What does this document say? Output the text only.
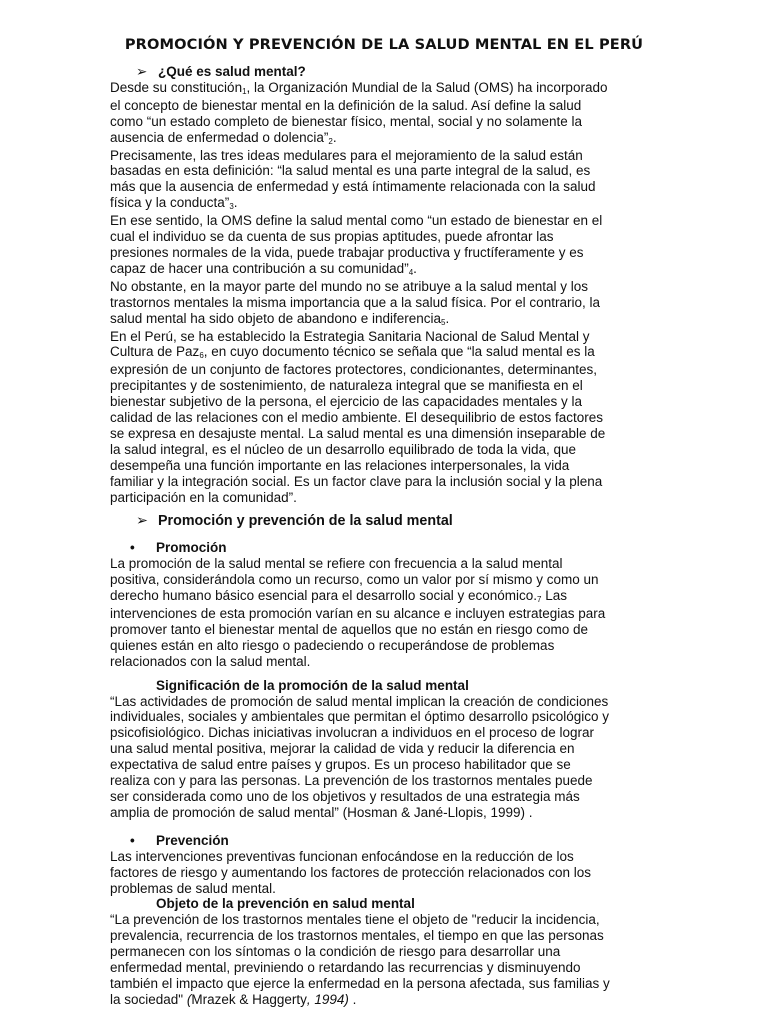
PROMOCIÓN Y PREVENCIÓN DE LA SALUD MENTAL EN EL PERÚ
➢ ¿Qué es salud mental?

Desde su constitución1, la Organización Mundial de la Salud (OMS) ha incorporado el concepto de bienestar mental en la definición de la salud. Así define la salud como “un estado completo de bienestar físico, mental, social y no solamente la ausencia de enfermedad o dolencia”2.

Precisamente, las tres ideas medulares para el mejoramiento de la salud están basadas en esta definición: “la salud mental es una parte integral de la salud, es más que la ausencia de enfermedad y está íntimamente relacionada con la salud física y la conducta”3.

En ese sentido, la OMS define la salud mental como “un estado de bienestar en el cual el individuo se da cuenta de sus propias aptitudes, puede afrontar las presiones normales de la vida, puede trabajar productiva y fructíferamente y es capaz de hacer una contribución a su comunidad”4.

No obstante, en la mayor parte del mundo no se atribuye a la salud mental y los trastornos mentales la misma importancia que a la salud física. Por el contrario, la salud mental ha sido objeto de abandono e indiferencia5.

En el Perú, se ha establecido la Estrategia Sanitaria Nacional de Salud Mental y Cultura de Paz6, en cuyo documento técnico se señala que “la salud mental es la expresión de un conjunto de factores protectores, condicionantes, determinantes, precipitantes y de sostenimiento, de naturaleza integral que se manifiesta en el bienestar subjetivo de la persona, el ejercicio de las capacidades mentales y la calidad de las relaciones con el medio ambiente. El desequilibrio de estos factores se expresa en desajuste mental. La salud mental es una dimensión inseparable de la salud integral, es el núcleo de un desarrollo equilibrado de toda la vida, que desempeña una función importante en las relaciones interpersonales, la vida familiar y la integración social. Es un factor clave para la inclusión social y la plena participación en la comunidad”.

➢ Promoción y prevención de la salud mental
•	Promoción

La promoción de la salud mental se refiere con frecuencia a la salud mental positiva, considerándola como un recurso, como un valor por sí mismo y como un derecho humano básico esencial para el desarrollo social y económico.7 Las intervenciones de esta promoción varían en su alcance e incluyen estrategias para promover tanto el bienestar mental de aquellos que no están en riesgo como de quienes están en alto riesgo o padeciendo o recuperándose de problemas relacionados con la salud mental.

Significación de la promoción de la salud mental

“Las actividades de promoción de salud mental implican la creación de condiciones individuales, sociales y ambientales que permitan el óptimo desarrollo psicológico y psicofisiológico. Dichas iniciativas involucran a individuos en el proceso de lograr una salud mental positiva, mejorar la calidad de vida y reducir la diferencia en expectativa de salud entre países y grupos. Es un proceso habilitador que se realiza con y para las personas. La prevención de los trastornos mentales puede ser considerada como uno de los objetivos y resultados de una estrategia más amplia de promoción de salud mental” (Hosman & Jané-Llopis, 1999) .

•	Prevención

Las intervenciones preventivas funcionan enfocándose en la reducción de los factores de riesgo y aumentando los factores de protección relacionados con los problemas de salud mental.

Objeto de la prevención en salud mental

“La prevención de los trastornos mentales tiene el objeto de "reducir la incidencia, prevalencia, recurrencia de los trastornos mentales, el tiempo en que las personas permanecen con los síntomas o la condición de riesgo para desarrollar una enfermedad mental, previniendo o retardando las recurrencias y disminuyendo también el impacto que ejerce la enfermedad en la persona afectada, sus familias y la sociedad" (Mrazek & Haggerty, 1994) .
